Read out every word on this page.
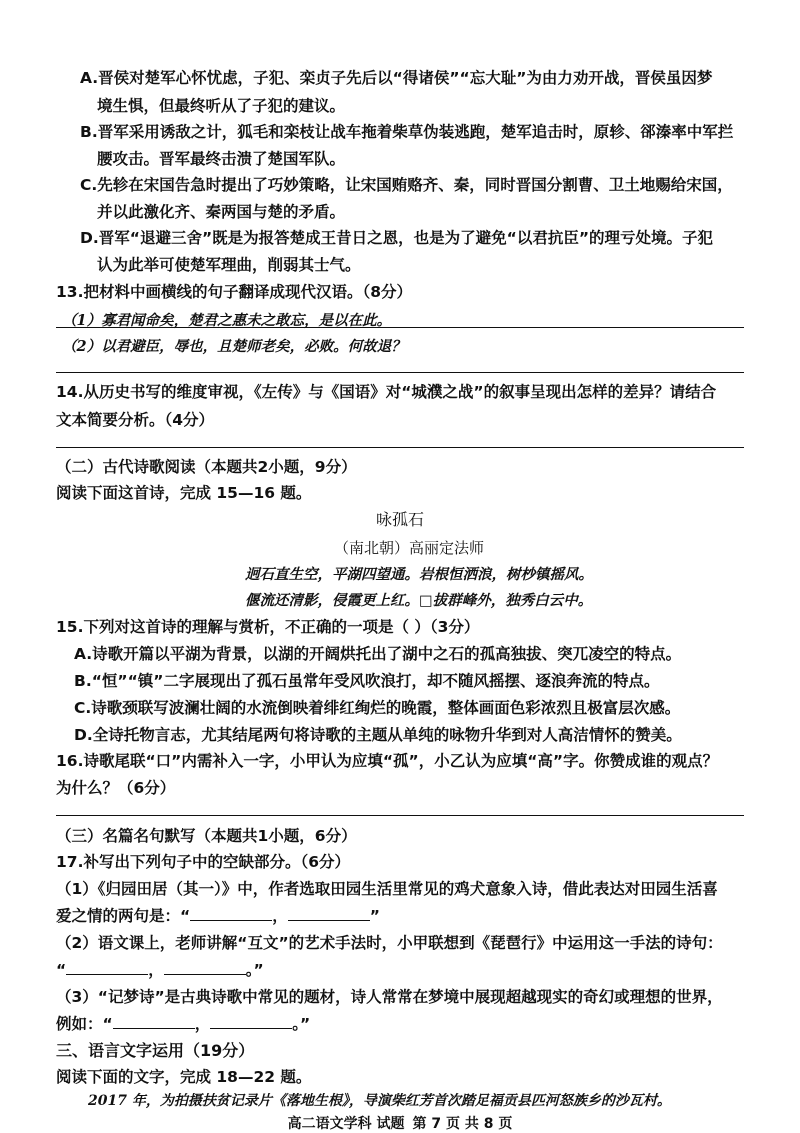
A.晋侯对楚军心怀忧虑，子犯、栾贞子先后以“得诸侯”“忘大耻”为由力劝开战，晋侯虽因梦
境生惧，但最终听从了子犯的建议。
B.晋军采用诱敌之计，狐毛和栾枝让战车拖着柴草伪装逃跑，楚军追击时，原轸、郤溱率中军拦
腰攻击。晋军最终击溃了楚国军队。
C.先轸在宋国告急时提出了巧妙策略，让宋国贿赂齐、秦，同时晋国分割曹、卫土地赐给宋国，
并以此激化齐、秦两国与楚的矛盾。
D.晋军“退避三舍”既是为报答楚成王昔日之恩，也是为了避免“以君抗臣”的理亏处境。子犯
认为此举可使楚军理曲，削弱其士气。
13.把材料中画横线的句子翻译成现代汉语。（8分）
（1）寡君闻命矣，楚君之惠未之敢忘，是以在此。
（2）以君避臣，辱也，且楚师老矣，必败。何故退？
14.从历史书写的维度审视，《左传》与《国语》对“城濮之战”的叙事呈现出怎样的差异？请结合
文本简要分析。（4分）
（二）古代诗歌阅读（本题共2小题，9分）
阅读下面这首诗，完成 15—16 题。
咏孤石
（南北朝）高丽定法师
迥石直生空，平湖四望通。岩根恒洒浪，树杪镇摇风。
偃流还清影，侵霞更上红。□拔群峰外，独秀白云中。
15.下列对这首诗的理解与赏析，不正确的一项是（ ）（3分）
A.诗歌开篇以平湖为背景，以湖的开阔烘托出了湖中之石的孤高独拔、突兀凌空的特点。
B.“恒”“镇”二字展现出了孤石虽常年受风吹浪打，却不随风摇摆、逐浪奔流的特点。
C.诗歌颈联写波澜壮阔的水流倒映着绯红绚烂的晚霞，整体画面色彩浓烈且极富层次感。
D.全诗托物言志，尤其结尾两句将诗歌的主题从单纯的咏物升华到对人高洁情怀的赞美。
16.诗歌尾联“口”内需补入一字，小甲认为应填“孤”，小乙认为应填“高”字。你赞成谁的观点？
为什么？（6分）
（三）名篇名句默写（本题共1小题，6分）
17.补写出下列句子中的空缺部分。（6分）
（1）《归园田居（其一）》中，作者选取田园生活里常见的鸡犬意象入诗，借此表达对田园生活喜
爱之情的两句是：“	，	”
（2）语文课上，老师讲解“互文”的艺术手法时，小甲联想到《琵琶行》中运用这一手法的诗句：
“	，	。”
（3）“记梦诗”是古典诗歌中常见的题材，诗人常常在梦境中展现超越现实的奇幻或理想的世界，
例如：“	，	。”
三、语言文字运用（19分）
阅读下面的文字，完成 18—22 题。
2017 年，为拍摄扶贫记录片《落地生根》，导演柴红芳首次踏足福贡县匹河怒族乡的沙瓦村。
高二语文学科 试题 第 7 页 共 8 页
